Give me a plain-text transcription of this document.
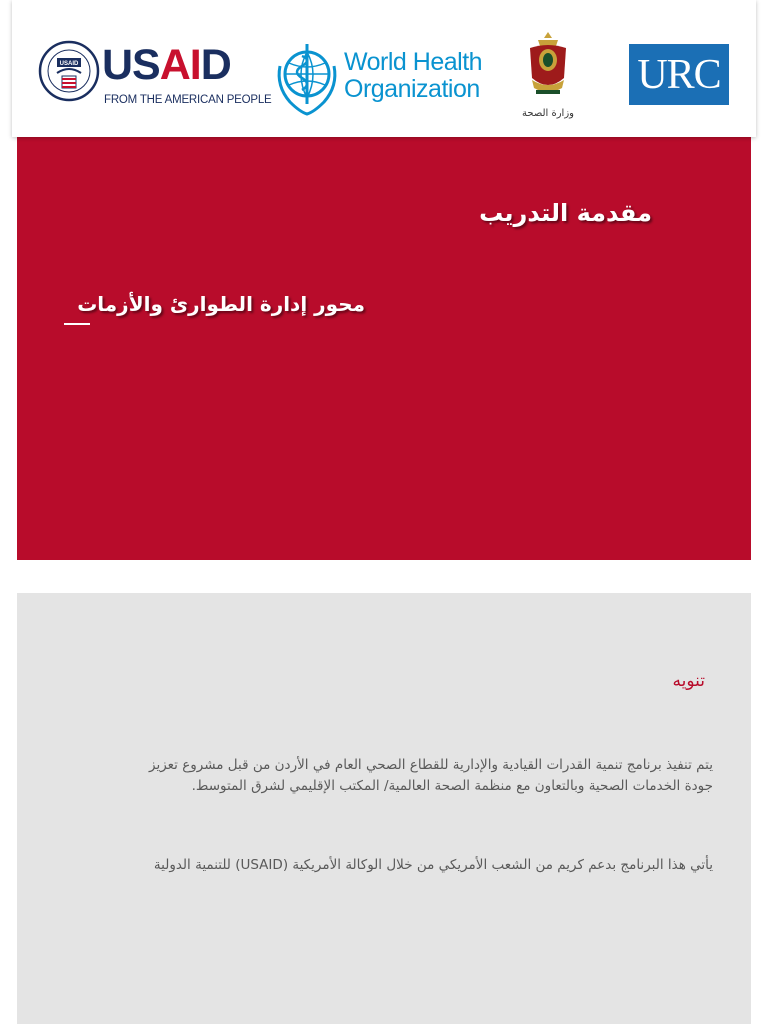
USAID USAID
FROM THE AMERICAN PEOPLE
World Health
Organization
وزارة الصحة
URC
مقدمة التدريب
محور إدارة الطوارئ والأزمات
تنويه
يتم تنفيذ برنامج تنمية القدرات القيادية والإدارية للقطاع الصحي العام في الأردن من قبل مشروع تعزيز جودة الخدمات الصحية وبالتعاون مع منظمة الصحة العالمية/ المكتب الإقليمي لشرق المتوسط.
يأتي هذا البرنامج بدعم كريم من الشعب الأمريكي من خلال الوكالة الأمريكية (USAID) للتنمية الدولية
